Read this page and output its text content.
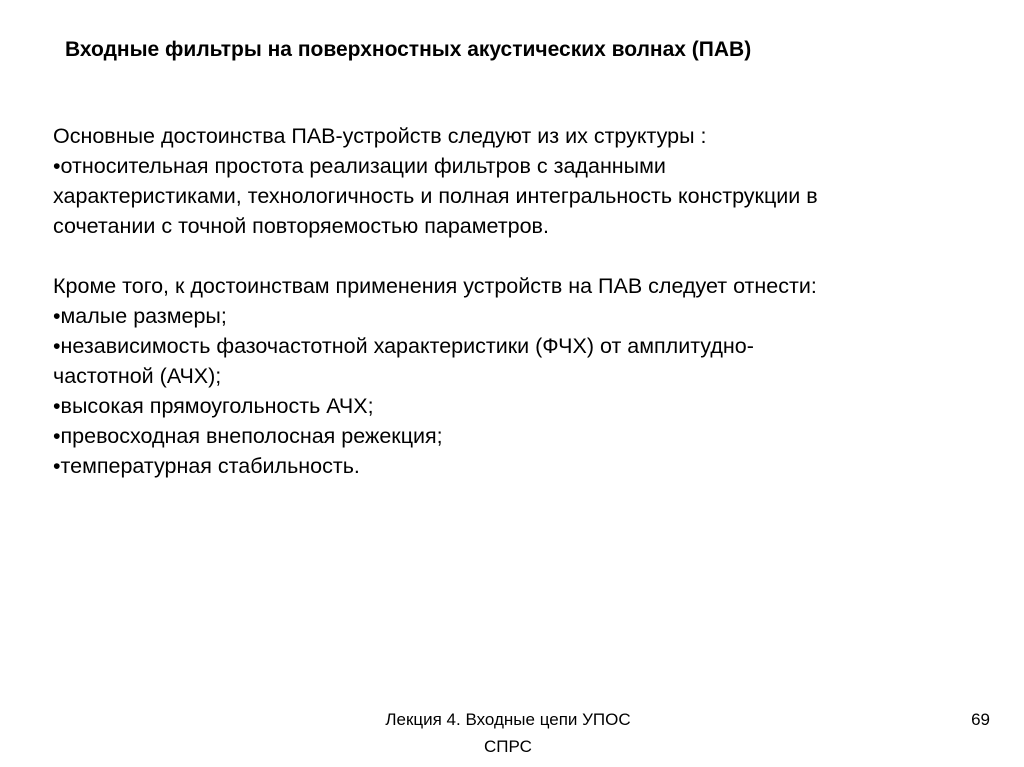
Входные фильтры на поверхностных акустических волнах (ПАВ)

Основные достоинства ПАВ-устройств следуют из их структуры :

•относительная простота реализации фильтров с заданными

характеристиками, технологичность и полная интегральность конструкции в

сочетании с точной повторяемостью параметров.

Кроме того, к достоинствам применения устройств на ПАВ следует отнести:

•малые размеры;

•независимость фазочастотной характеристики (ФЧХ) от амплитудно-

частотной (АЧХ);

•высокая прямоугольность АЧХ;

•превосходная внеполосная режекция;

•температурная стабильность.

Лекция 4. Входные цепи УПОС
СПРС
69
